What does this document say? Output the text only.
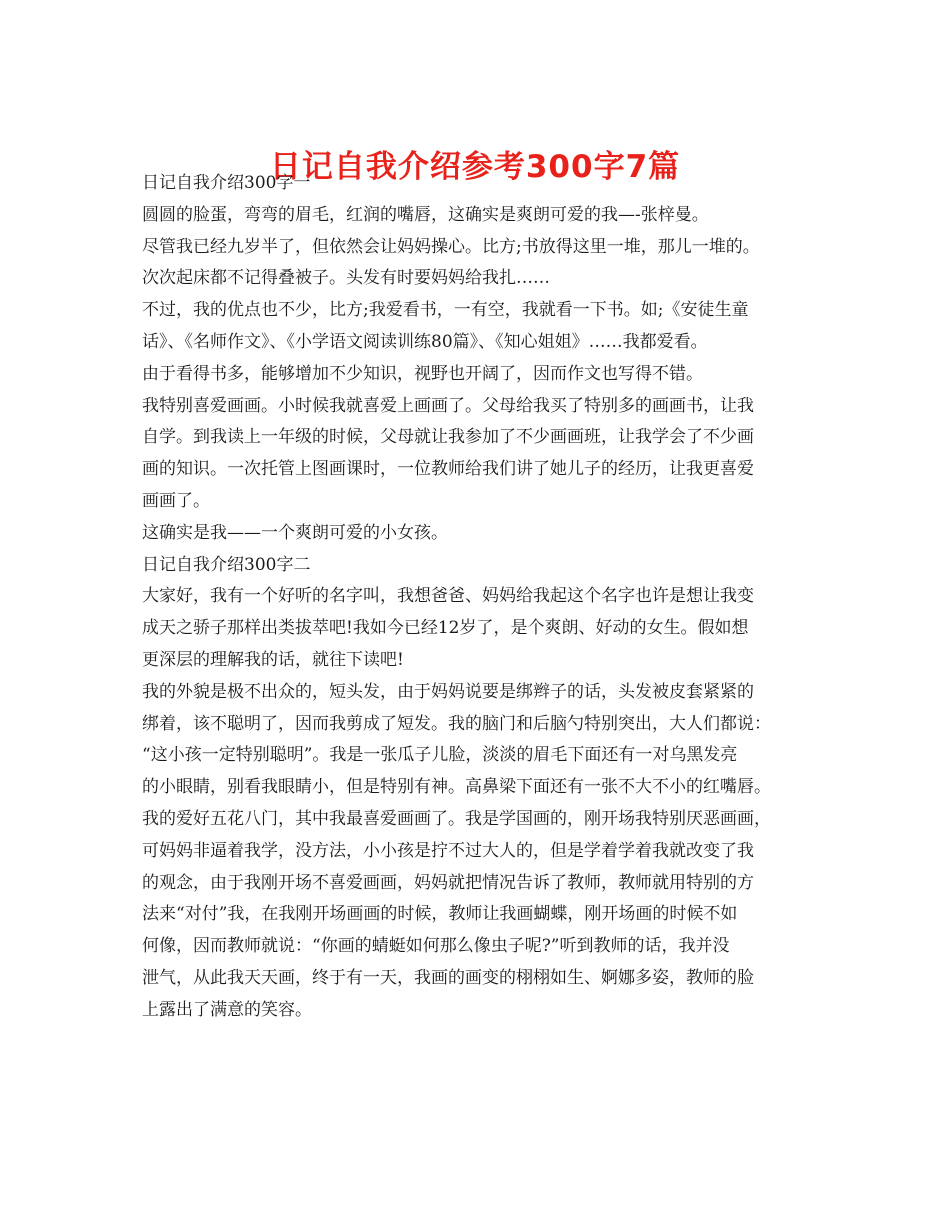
日记自我介绍参考300字7篇

日记自我介绍300字一

圆圆的脸蛋，弯弯的眉毛，红润的嘴唇，这确实是爽朗可爱的我—-张梓曼。

尽管我已经九岁半了，但依然会让妈妈操心。比方;书放得这里一堆，那儿一堆的。

次次起床都不记得叠被子。头发有时要妈妈给我扎……

不过，我的优点也不少，比方;我爱看书，一有空，我就看一下书。如;《安徒生童

话》、《名师作文》、《小学语文阅读训练80篇》、《知心姐姐》……我都爱看。

由于看得书多，能够增加不少知识，视野也开阔了，因而作文也写得不错。

我特别喜爱画画。小时候我就喜爱上画画了。父母给我买了特别多的画画书，让我

自学。到我读上一年级的时候，父母就让我参加了不少画画班，让我学会了不少画

画的知识。一次托管上图画课时，一位教师给我们讲了她儿子的经历，让我更喜爱

画画了。

这确实是我——一个爽朗可爱的小女孩。

日记自我介绍300字二

大家好，我有一个好听的名字叫，我想爸爸、妈妈给我起这个名字也许是想让我变

成天之骄子那样出类拔萃吧!我如今已经12岁了，是个爽朗、好动的女生。假如想

更深层的理解我的话，就往下读吧!

我的外貌是极不出众的，短头发，由于妈妈说要是绑辫子的话，头发被皮套紧紧的

绑着，该不聪明了，因而我剪成了短发。我的脑门和后脑勺特别突出，大人们都说：

“这小孩一定特别聪明”。我是一张瓜子儿脸，淡淡的眉毛下面还有一对乌黑发亮

的小眼睛，别看我眼睛小，但是特别有神。高鼻梁下面还有一张不大不小的红嘴唇。

我的爱好五花八门，其中我最喜爱画画了。我是学国画的，刚开场我特别厌恶画画，

可妈妈非逼着我学，没方法，小小孩是拧不过大人的，但是学着学着我就改变了我

的观念，由于我刚开场不喜爱画画，妈妈就把情况告诉了教师，教师就用特别的方

法来“对付”我，在我刚开场画画的时候，教师让我画蝴蝶，刚开场画的时候不如

何像，因而教师就说：“你画的蜻蜓如何那么像虫子呢?”听到教师的话，我并没

泄气，从此我天天画，终于有一天，我画的画变的栩栩如生、婀娜多姿，教师的脸

上露出了满意的笑容。
